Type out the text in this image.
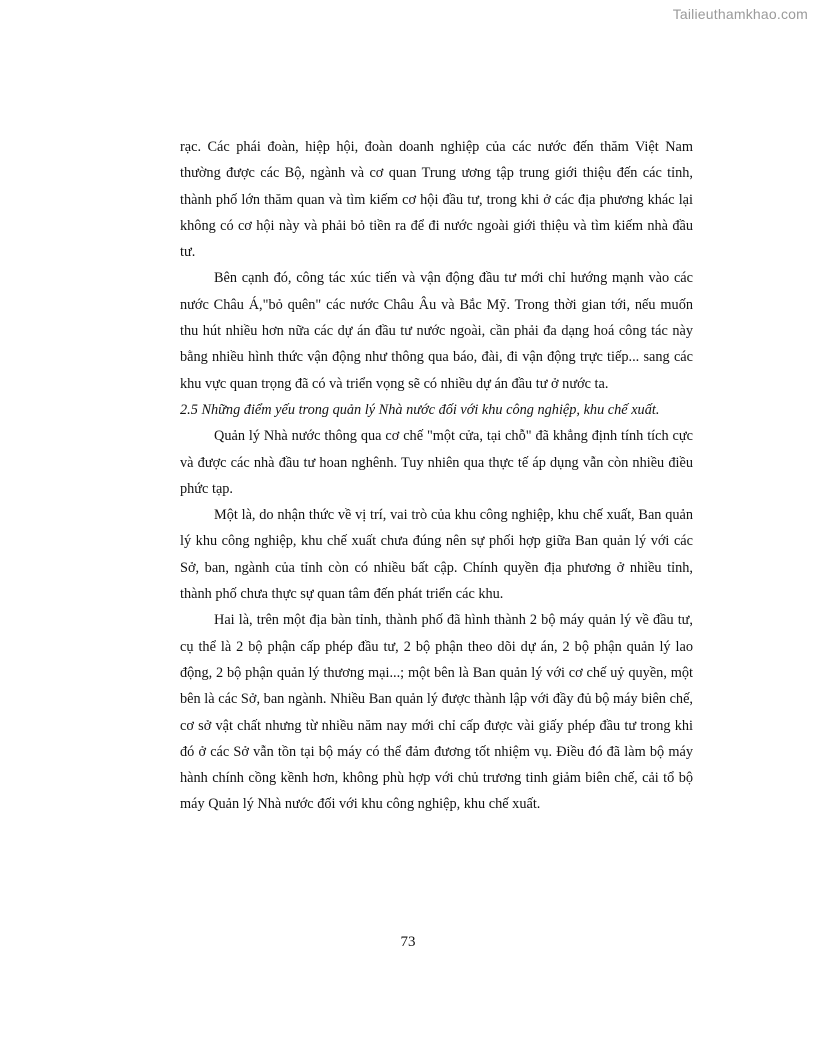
Tailieuthamkhao.com

rạc. Các phái đoàn, hiệp hội, đoàn doanh nghiệp của các nước đến thăm Việt Nam thường được các Bộ, ngành và cơ quan Trung ương tập trung giới thiệu đến các tỉnh, thành phố lớn thăm quan và tìm kiếm cơ hội đầu tư, trong khi ở các địa phương khác lại không có cơ hội này và phải bỏ tiền ra để đi nước ngoài giới thiệu và tìm kiếm nhà đầu tư.

Bên cạnh đó, công tác xúc tiến và vận động đầu tư mới chỉ hướng mạnh vào các nước Châu Á,"bỏ quên" các nước Châu Âu và Bắc Mỹ. Trong thời gian tới, nếu muốn thu hút nhiều hơn nữa các dự án đầu tư nước ngoài, cần phải đa dạng hoá công tác này bằng nhiều hình thức vận động như thông qua báo, đài, đi vận động trực tiếp... sang các khu vực quan trọng đã có và triển vọng sẽ có nhiều dự án đầu tư ở nước ta.

2.5 Những điểm yếu trong quản lý Nhà nước đối với khu công nghiệp, khu chế xuất.

Quản lý Nhà nước thông qua cơ chế "một cửa, tại chỗ" đã khẳng định tính tích cực và được các nhà đầu tư hoan nghênh. Tuy nhiên qua thực tế áp dụng vẫn còn nhiều điều phức tạp.

Một là, do nhận thức về vị trí, vai trò của khu công nghiệp, khu chế xuất, Ban quản lý khu công nghiệp, khu chế xuất chưa đúng nên sự phối hợp giữa Ban quản lý với các Sở, ban, ngành của tỉnh còn có nhiều bất cập. Chính quyền địa phương ở nhiều tỉnh, thành phố chưa thực sự quan tâm đến phát triển các khu.

Hai là, trên một địa bàn tỉnh, thành phố đã hình thành 2 bộ máy quản lý về đầu tư, cụ thể là 2 bộ phận cấp phép đầu tư, 2 bộ phận theo dõi dự án, 2 bộ phận quản lý lao động, 2 bộ phận quản lý thương mại...; một bên là Ban quản lý với cơ chế uỷ quyền, một bên là các Sở, ban ngành. Nhiều Ban quản lý được thành lập với đầy đủ bộ máy biên chế, cơ sở vật chất nhưng từ nhiều năm nay mới chỉ cấp được vài giấy phép đầu tư trong khi đó ở các Sở vẫn tồn tại bộ máy có thể đảm đương tốt nhiệm vụ. Điều đó đã làm bộ máy hành chính cồng kềnh hơn, không phù hợp với chủ trương tinh giảm biên chế, cải tổ bộ máy Quản lý Nhà nước đối với khu công nghiệp, khu chế xuất.

73
